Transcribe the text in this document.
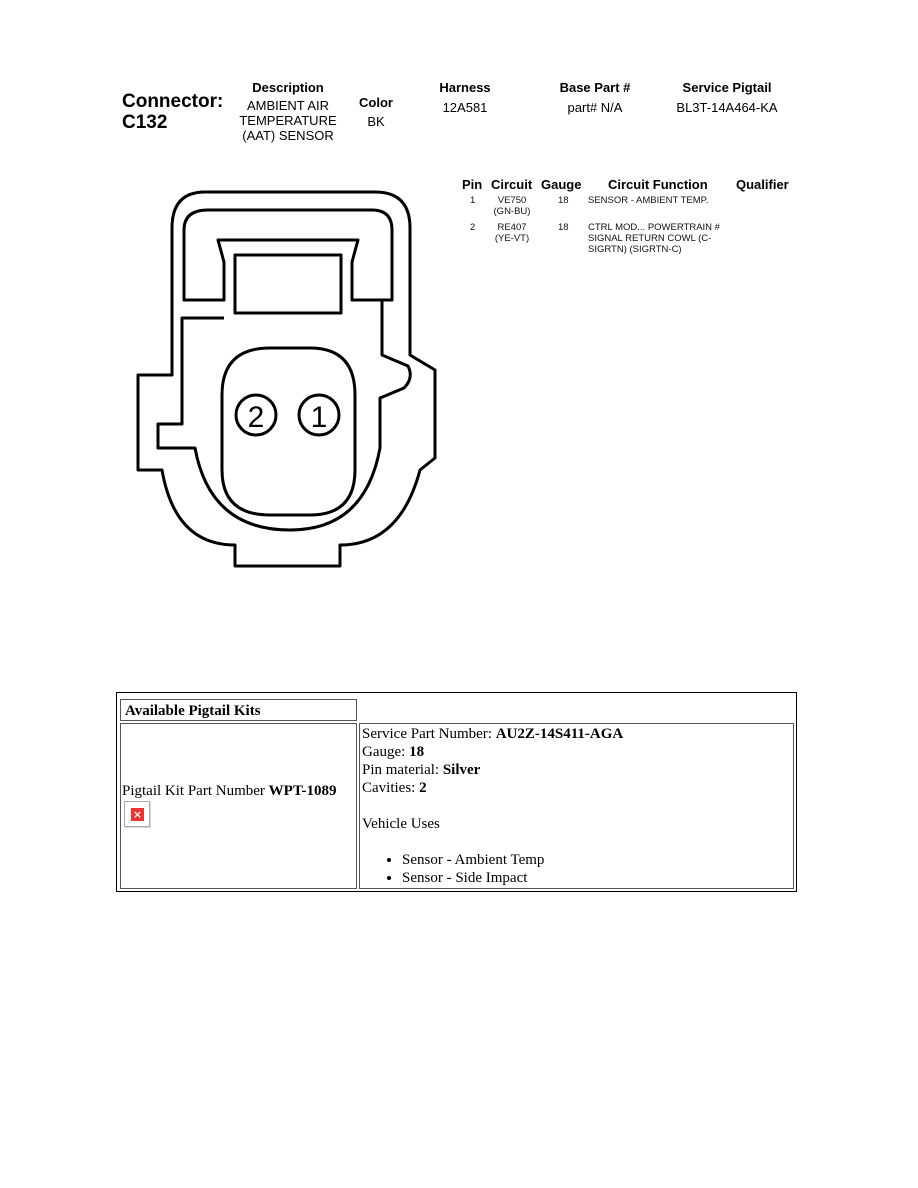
Connector:
C132
Description
AMBIENT AIR
TEMPERATURE
(AAT) SENSOR
Color
BK
Harness
12A581
Base Part #
part# N/A
Service Pigtail
BL3T-14A464-KA
Pin Circuit Gauge Circuit Function Qualifier
1	VE750
(GN-BU)
18 SENSOR - AMBIENT TEMP.
2	RE407
(YE-VT)
18 CTRL MOD... POWERTRAIN #
SIGNAL RETURN COWL (C-
SIGRTN) (SIGRTN-C)
2 1
Available Pigtail Kits
Pigtail Kit Part Number WPT-1089
×
Service Part Number: AU2Z-14S411-AGA
Gauge: 18
Pin material: Silver
Cavities: 2
Vehicle Uses
• Sensor - Ambient Temp
• Sensor - Side Impact
